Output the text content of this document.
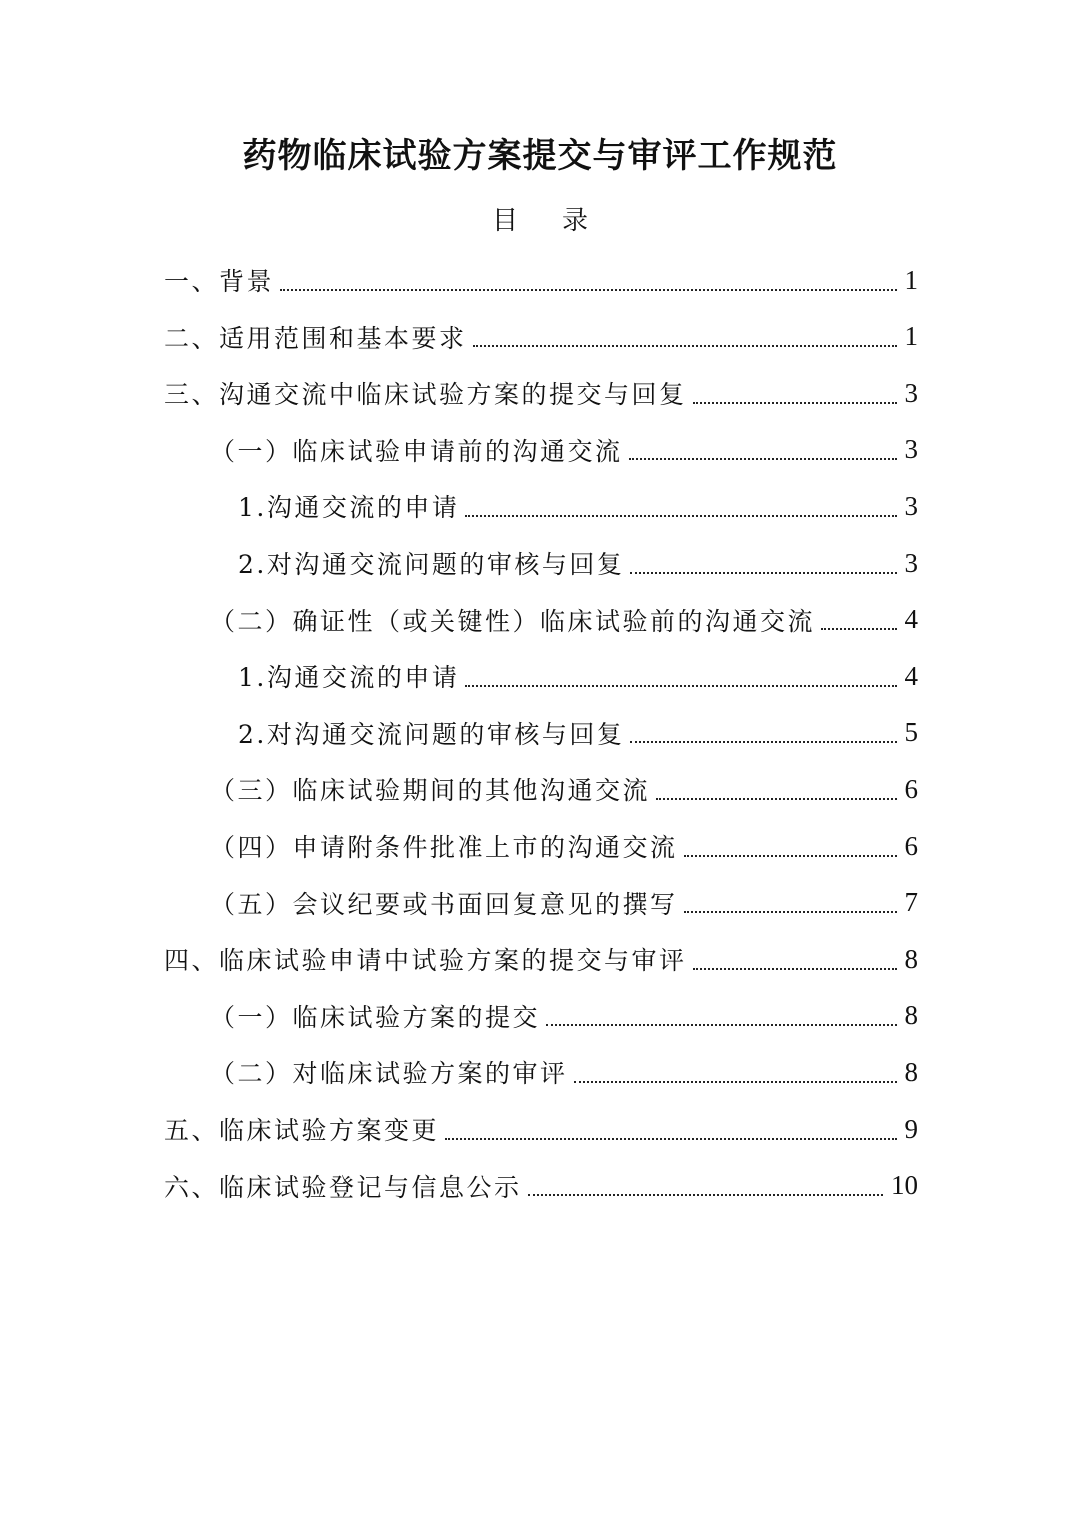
药物临床试验方案提交与审评工作规范
目 录
一、背景	1
二、适用范围和基本要求	1
三、沟通交流中临床试验方案的提交与回复	3
（一）临床试验申请前的沟通交流	3
1.沟通交流的申请	3
2.对沟通交流问题的审核与回复	3
（二）确证性（或关键性）临床试验前的沟通交流	4
1.沟通交流的申请	4
2.对沟通交流问题的审核与回复	5
（三）临床试验期间的其他沟通交流	6
（四）申请附条件批准上市的沟通交流	6
（五）会议纪要或书面回复意见的撰写	7
四、临床试验申请中试验方案的提交与审评	8
（一）临床试验方案的提交	8
（二）对临床试验方案的审评	8
五、临床试验方案变更	9
六、临床试验登记与信息公示	10
